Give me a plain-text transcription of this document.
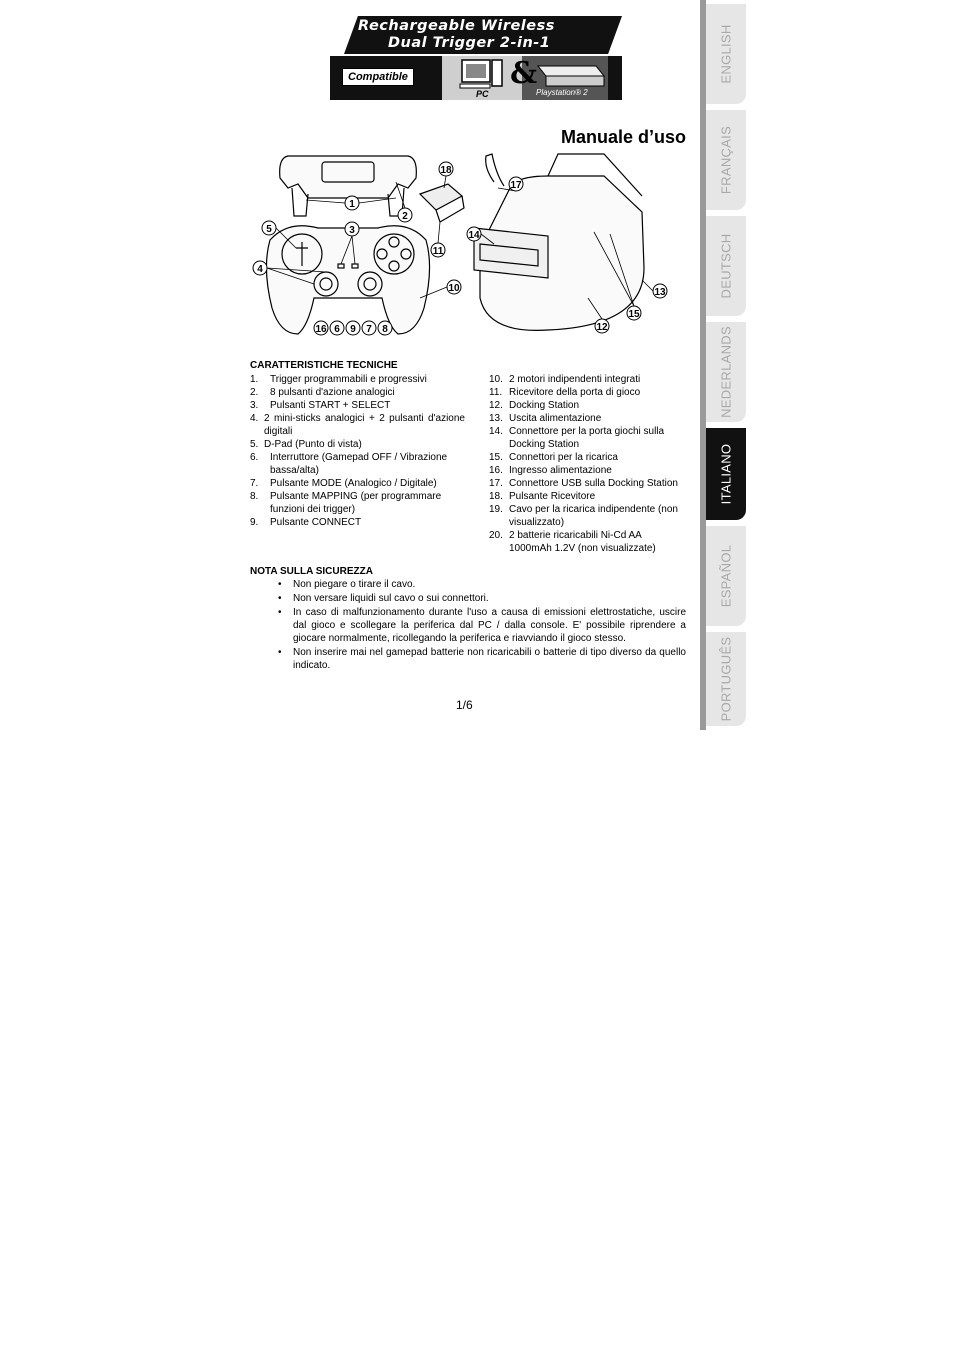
Rechargeable Wireless
Dual Trigger 2-in-1
Compatible	&
PC	Playstation® 2
Manuale d’uso
1
2
3
4
5
6	7 8
9
10
11
12
13
14
15
16
17
18
CARATTERISTICHE TECNICHE
1.	Trigger programmabili e progressivi
2.	8 pulsanti d'azione analogici
3.	Pulsanti START + SELECT
4. 2 mini-sticks analogici + 2 pulsanti d'azione digitali
5. D-Pad (Punto di vista)
6.	Interruttore (Gamepad OFF / Vibrazione bassa/alta)
7.	Pulsante MODE (Analogico / Digitale)
8.	Pulsante MAPPING (per programmare funzioni dei trigger)
9.	Pulsante CONNECT
10. 2 motori indipendenti integrati
11. Ricevitore della porta di gioco
12. Docking Station
13. Uscita alimentazione
14. Connettore per la porta giochi sulla Docking Station
15. Connettori per la ricarica
16. Ingresso alimentazione
17. Connettore USB sulla Docking Station
18. Pulsante Ricevitore
19. Cavo per la ricarica indipendente (non visualizzato)
20. 2 batterie ricaricabili Ni-Cd AA 1000mAh 1.2V (non visualizzate)
NOTA SULLA SICUREZZA
• Non piegare o tirare il cavo.
• Non versare liquidi sul cavo o sui connettori.
• In caso di malfunzionamento durante l'uso a causa di emissioni elettrostatiche, uscire dal gioco e scollegare la periferica dal PC / dalla console. E' possibile riprendere a giocare normalmente, ricollegando la periferica e riavviando il gioco stesso.
• Non inserire mai nel gamepad batterie non ricaricabili o batterie di tipo diverso da quello indicato.
1/6
ENGLISH
FRANÇAIS
DEUTSCH
NEDERLANDS
ITALIANO
ESPAÑOL
PORTUGUÊS
